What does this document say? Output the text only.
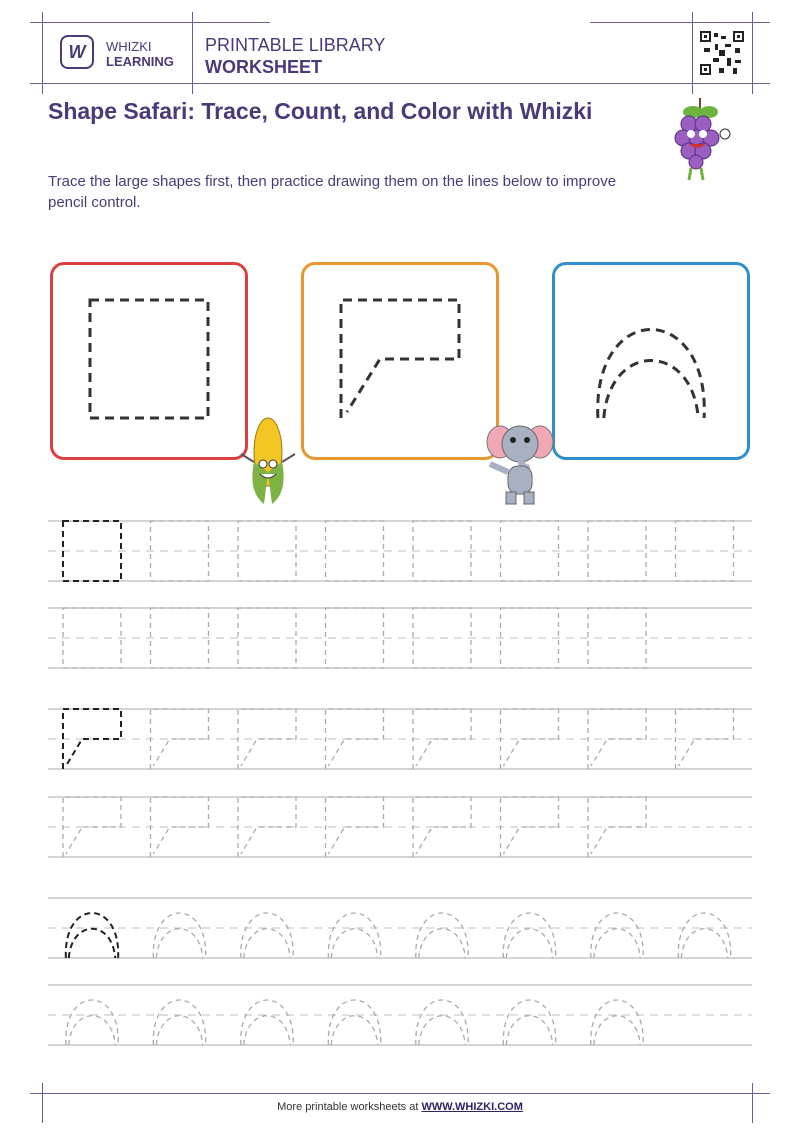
W WHIZKI
LEARNING
PRINTABLE LIBRARY
WORKSHEET
Shape Safari: Trace, Count, and Color with Whizki
Trace the large shapes first, then practice drawing them on the lines below to improve pencil control.
More printable worksheets at WWW.WHIZKI.COM
